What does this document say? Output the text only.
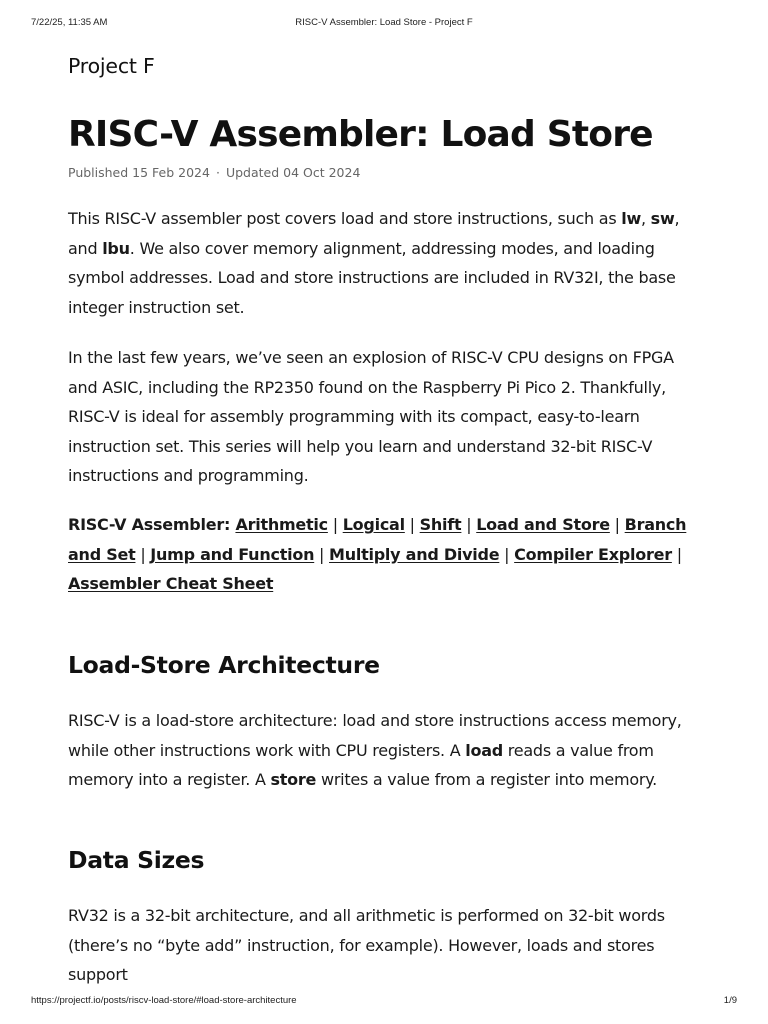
7/22/25, 11:35 AM	RISC-V Assembler: Load Store - Project F
Project F
RISC-V Assembler: Load Store
Published 15 Feb 2024 · Updated 04 Oct 2024

This RISC-V assembler post covers load and store instructions, such as lw, sw, and lbu. We also cover memory alignment, addressing modes, and loading symbol addresses. Load and store instructions are included in RV32I, the base integer instruction set.

In the last few years, we’ve seen an explosion of RISC-V CPU designs on FPGA and ASIC, including the RP2350 found on the Raspberry Pi Pico 2. Thankfully, RISC-V is ideal for assembly programming with its compact, easy-to-learn instruction set. This series will help you learn and understand 32-bit RISC-V instructions and programming.

RISC-V Assembler: Arithmetic | Logical | Shift | Load and Store | Branch and Set | Jump and Function | Multiply and Divide | Compiler Explorer | Assembler Cheat Sheet

Load-Store Architecture

RISC-V is a load-store architecture: load and store instructions access memory, while other instructions work with CPU registers. A load reads a value from memory into a register. A store writes a value from a register into memory.

Data Sizes

RV32 is a 32-bit architecture, and all arithmetic is performed on 32-bit words (there’s no “byte add” instruction, for example). However, loads and stores support

https://projectf.io/posts/riscv-load-store/#load-store-architecture	1/9
